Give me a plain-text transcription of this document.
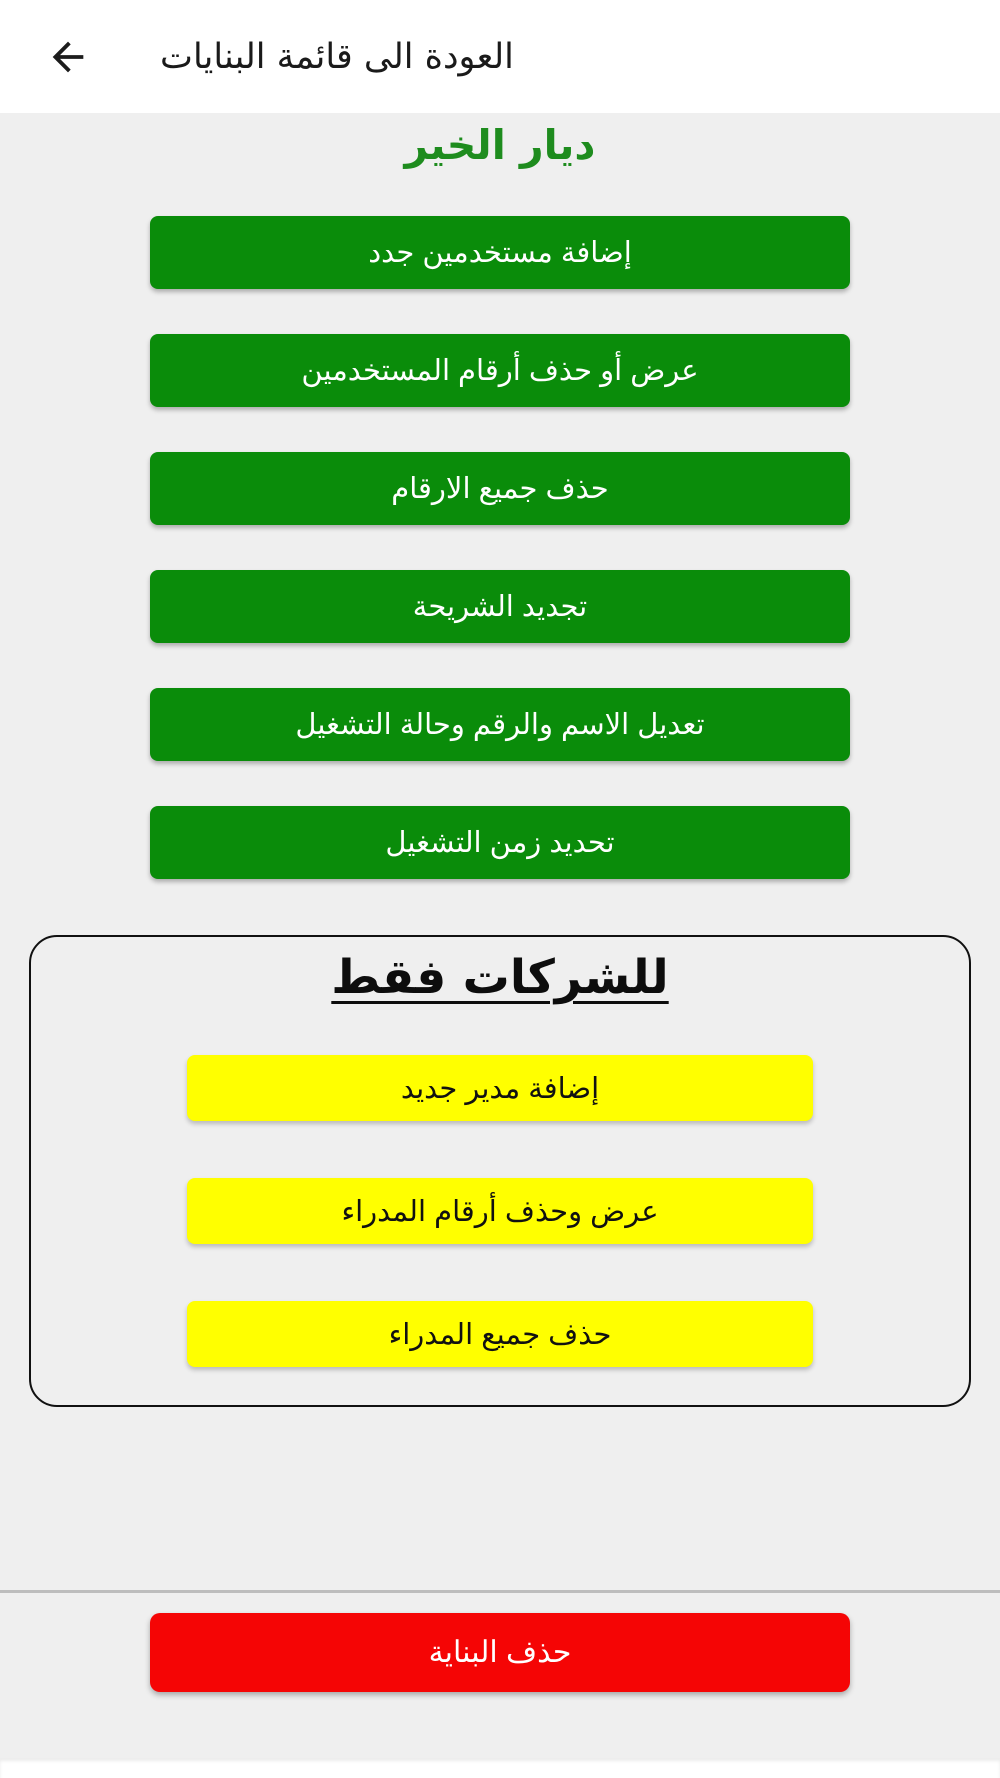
العودة الى قائمة البنايات
ديار الخير
إضافة مستخدمين جدد
عرض أو حذف أرقام المستخدمين
حذف جميع الارقام
تجديد الشريحة
تعديل الاسم والرقم وحالة التشغيل
تحديد زمن التشغيل
للشركات فقط
إضافة مدير جديد
عرض وحذف أرقام المدراء
حذف جميع المدراء
حذف البناية
